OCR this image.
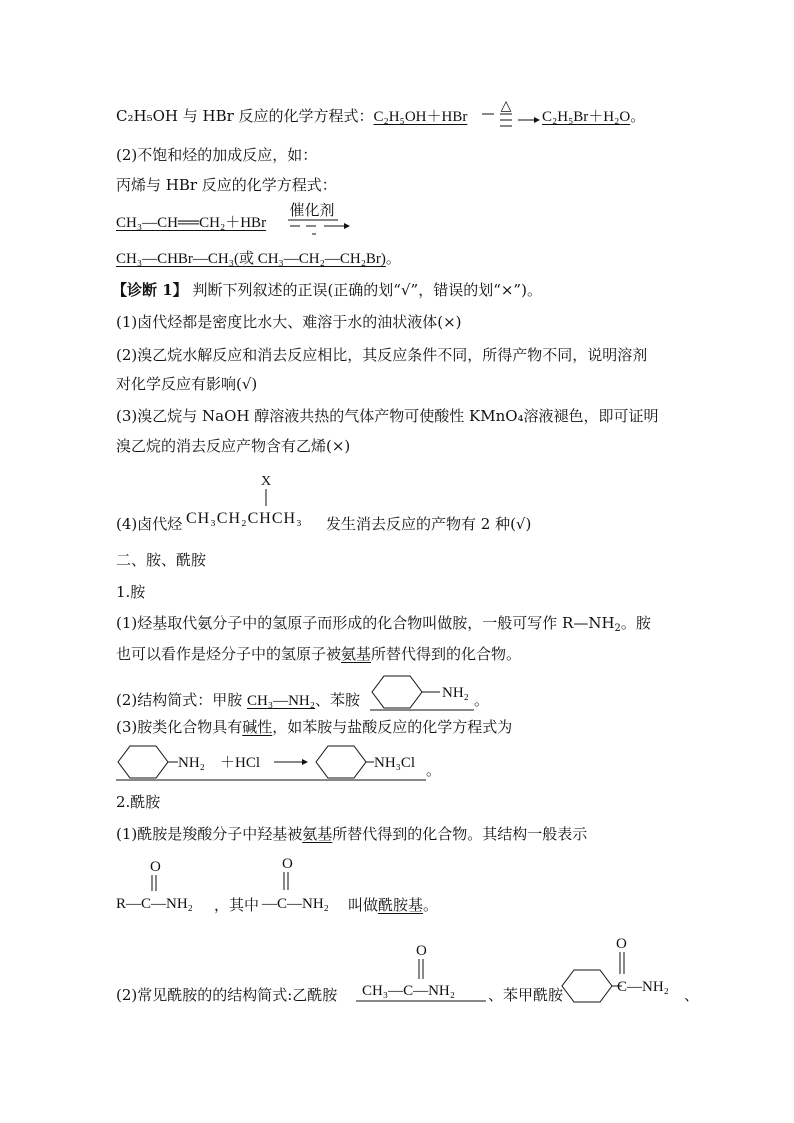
C₂H₅OH 与 HBr 反应的化学方程式：C₂H₅OH＋HBr
△
C₂H₅Br＋H₂O。
(2)不饱和烃的加成反应，如：
丙烯与 HBr 反应的化学方程式：
CH₃—CH══CH₂＋HBr
催化剂
CH₃—CHBr—CH₃(或 CH₃—CH₂—CH₂Br)。
【诊断 1】 判断下列叙述的正误(正确的划“√”，错误的划“×”)。
(1)卤代烃都是密度比水大、难溶于水的油状液体(×)
(2)溴乙烷水解反应和消去反应相比，其反应条件不同，所得产物不同，说明溶剂
对化学反应有影响(√)
(3)溴乙烷与 NaOH 醇溶液共热的气体产物可使酸性 KMnO₄溶液褪色，即可证明
溴乙烷的消去反应产物含有乙烯(×)
(4)卤代烃
X
CH₃CH₂CHCH₃ 发生消去反应的产物有 2 种(√)
二、胺、酰胺
1.胺
(1)烃基取代氨分子中的氢原子而形成的化合物叫做胺，一般可写作 $R—NH_2$。胺
也可以看作是烃分子中的氢原子被氨基所替代得到的化合物。
(2)结构简式：甲胺 CH₃—NH₂、苯胺	NH₂ 。
(3)胺类化合物具有碱性，如苯胺与盐酸反应的化学方程式为
NH₂ ＋HCl	NH₃Cl 。
2.酰胺
(1)酰胺是羧酸分子中羟基被氨基所替代得到的化合物。其结构一般表示
O
R—C—NH₂ ，其中
O
—C—NH₂ 叫做酰胺基。
(2)常见酰胺的的结构简式:乙酰胺
O
CH₃—C—NH₂ 、苯甲酰胺
O
C—NH₂ 、
